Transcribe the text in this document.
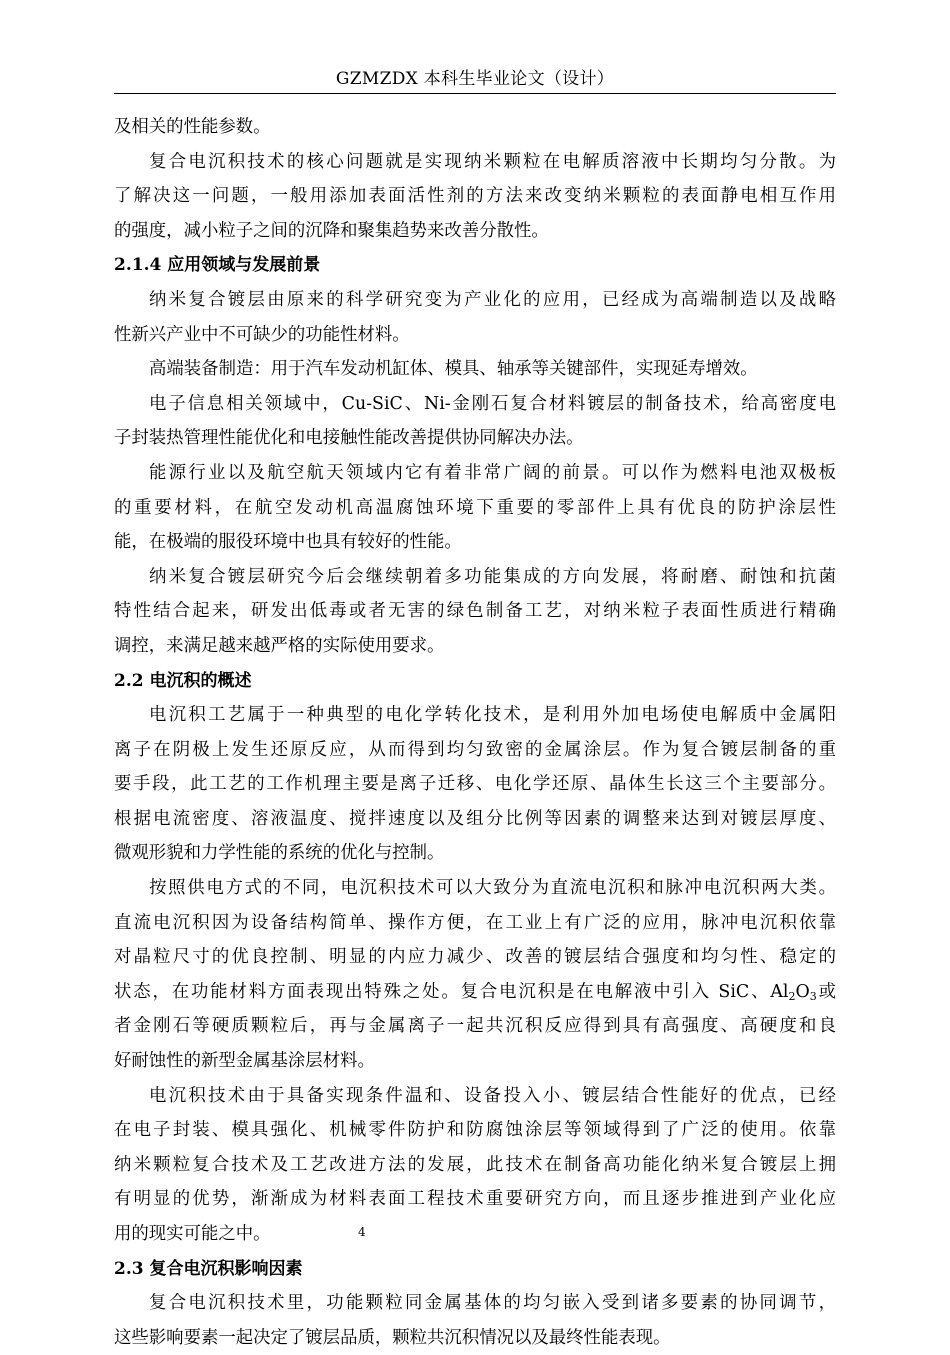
GZMZDX 本科生毕业论文（设计）
及相关的性能参数。
复合电沉积技术的核心问题就是实现纳米颗粒在电解质溶液中长期均匀分散。为
了解决这一问题，一般用添加表面活性剂的方法来改变纳米颗粒的表面静电相互作用
的强度，减小粒子之间的沉降和聚集趋势来改善分散性。
2.1.4 应用领域与发展前景
纳米复合镀层由原来的科学研究变为产业化的应用，已经成为高端制造以及战略
性新兴产业中不可缺少的功能性材料。
高端装备制造：用于汽车发动机缸体、模具、轴承等关键部件，实现延寿增效。
电子信息相关领域中，Cu-SiC、Ni-金刚石复合材料镀层的制备技术，给高密度电
子封装热管理性能优化和电接触性能改善提供协同解决办法。
能源行业以及航空航天领域内它有着非常广阔的前景。可以作为燃料电池双极板
的重要材料，在航空发动机高温腐蚀环境下重要的零部件上具有优良的防护涂层性
能，在极端的服役环境中也具有较好的性能。
纳米复合镀层研究今后会继续朝着多功能集成的方向发展，将耐磨、耐蚀和抗菌
特性结合起来，研发出低毒或者无害的绿色制备工艺，对纳米粒子表面性质进行精确
调控，来满足越来越严格的实际使用要求。
2.2 电沉积的概述
电沉积工艺属于一种典型的电化学转化技术，是利用外加电场使电解质中金属阳
离子在阴极上发生还原反应，从而得到均匀致密的金属涂层。作为复合镀层制备的重
要手段，此工艺的工作机理主要是离子迁移、电化学还原、晶体生长这三个主要部分。
根据电流密度、溶液温度、搅拌速度以及组分比例等因素的调整来达到对镀层厚度、
微观形貌和力学性能的系统的优化与控制。
按照供电方式的不同，电沉积技术可以大致分为直流电沉积和脉冲电沉积两大类。
直流电沉积因为设备结构简单、操作方便，在工业上有广泛的应用，脉冲电沉积依靠
对晶粒尺寸的优良控制、明显的内应力减少、改善的镀层结合强度和均匀性、稳定的
状态，在功能材料方面表现出特殊之处。复合电沉积是在电解液中引入 SiC、$Al_2O_3$或
者金刚石等硬质颗粒后，再与金属离子一起共沉积反应得到具有高强度、高硬度和良
好耐蚀性的新型金属基涂层材料。
电沉积技术由于具备实现条件温和、设备投入小、镀层结合性能好的优点，已经
在电子封装、模具强化、机械零件防护和防腐蚀涂层等领域得到了广泛的使用。依靠
纳米颗粒复合技术及工艺改进方法的发展，此技术在制备高功能化纳米复合镀层上拥
有明显的优势，渐渐成为材料表面工程技术重要研究方向，而且逐步推进到产业化应
用的现实可能之中。
2.3 复合电沉积影响因素
复合电沉积技术里，功能颗粒同金属基体的均匀嵌入受到诸多要素的协同调节，
这些影响要素一起决定了镀层品质，颗粒共沉积情况以及最终性能表现。
4
